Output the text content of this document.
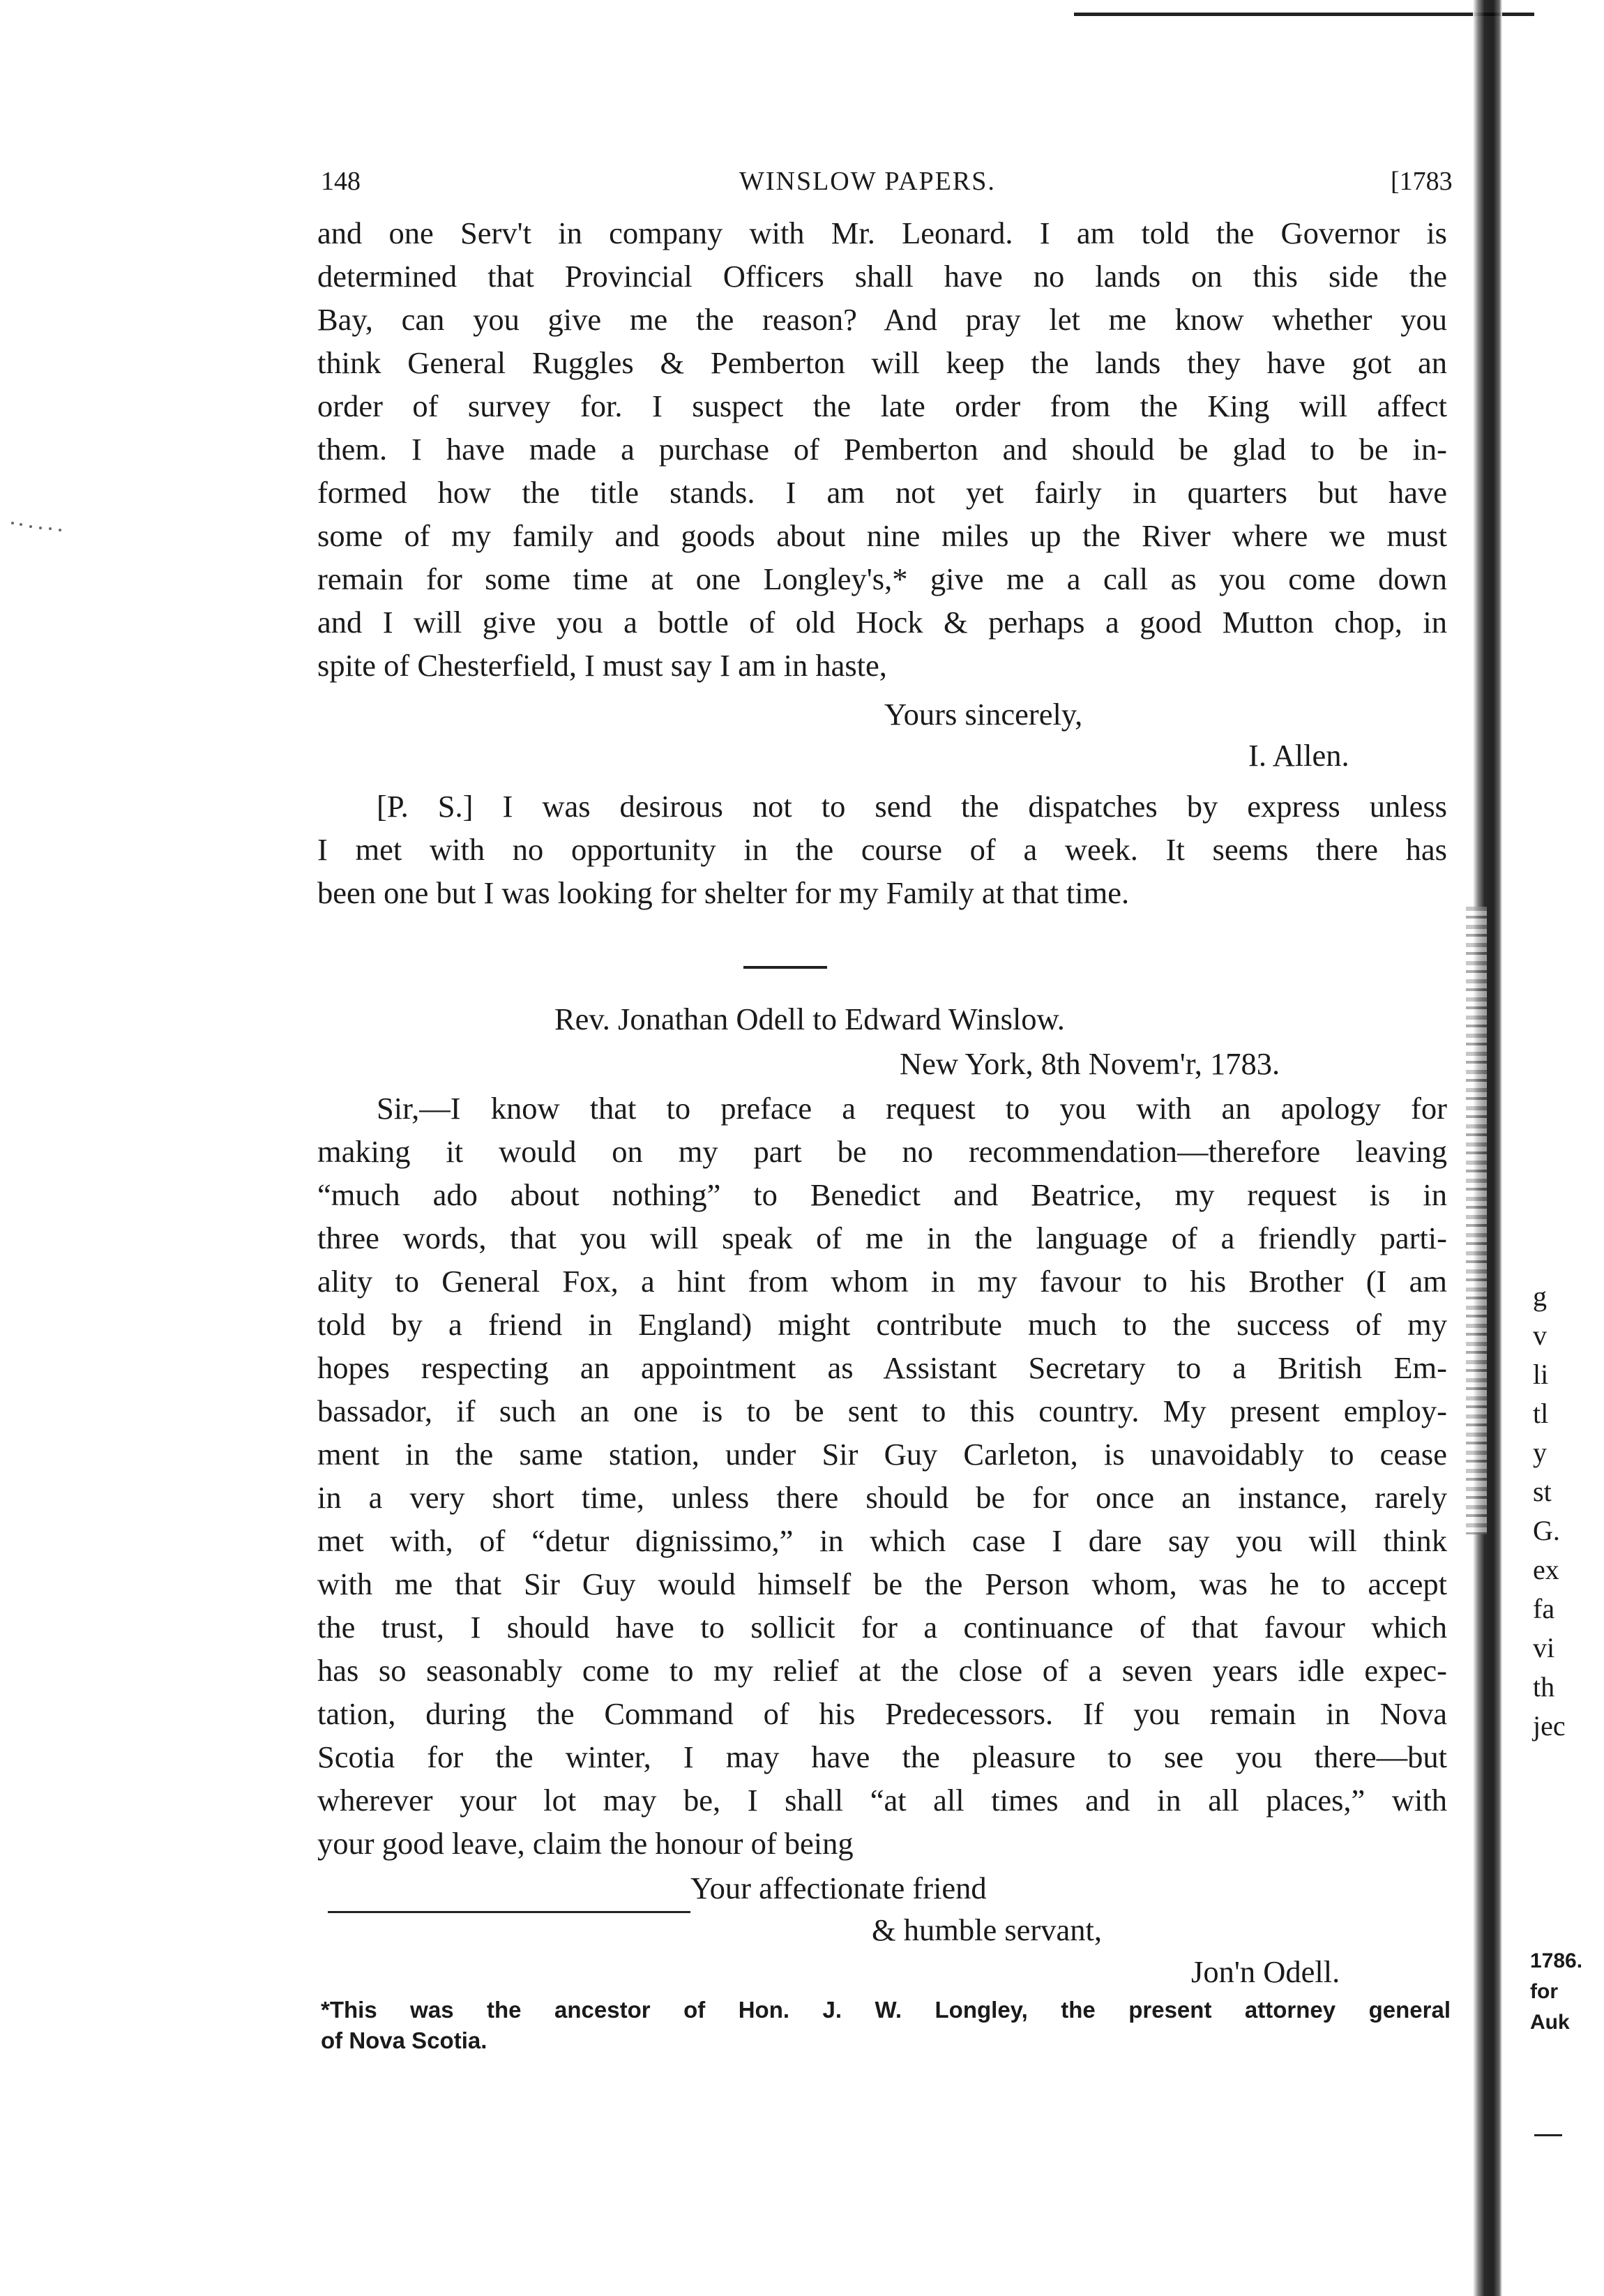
148	WINSLOW PAPERS.	[1783
and one Serv't in company with Mr. Leonard. I am told the Governor is
determined that Provincial Officers shall have no lands on this side the
Bay, can you give me the reason? And pray let me know whether you
think General Ruggles & Pemberton will keep the lands they have got an
order of survey for. I suspect the late order from the King will affect
them. I have made a purchase of Pemberton and should be glad to be in-
formed how the title stands. I am not yet fairly in quarters but have
some of my family and goods about nine miles up the River where we must
remain for some time at one Longley's,* give me a call as you come down
and I will give you a bottle of old Hock & perhaps a good Mutton chop, in
spite of Chesterfield, I must say I am in haste,
Yours sincerely,
I. Allen.
[P. S.] I was desirous not to send the dispatches by express unless
I met with no opportunity in the course of a week. It seems there has
been one but I was looking for shelter for my Family at that time.
Rev. Jonathan Odell to Edward Winslow.
New York, 8th Novem'r, 1783.
Sir,—I know that to preface a request to you with an apology for
making it would on my part be no recommendation—therefore leaving
“much ado about nothing” to Benedict and Beatrice, my request is in
three words, that you will speak of me in the language of a friendly parti-
ality to General Fox, a hint from whom in my favour to his Brother (I am
told by a friend in England) might contribute much to the success of my
hopes respecting an appointment as Assistant Secretary to a British Em-
bassador, if such an one is to be sent to this country. My present employ-
ment in the same station, under Sir Guy Carleton, is unavoidably to cease
in a very short time, unless there should be for once an instance, rarely
met with, of “detur dignissimo,” in which case I dare say you will think
with me that Sir Guy would himself be the Person whom, was he to accept
the trust, I should have to sollicit for a continuance of that favour which
has so seasonably come to my relief at the close of a seven years idle expec-
tation, during the Command of his Predecessors. If you remain in Nova
Scotia for the winter, I may have the pleasure to see you there—but
wherever your lot may be, I shall “at all times and in all places,” with
your good leave, claim the honour of being
Your affectionate friend
& humble servant,
Jon'n Odell.
*This was the ancestor of Hon. J. W. Longley, the present attorney general
of Nova Scotia.
g
v
li
tl
y
st
G.
ex
fa
vi
th
jec
1786.
for
Auk
